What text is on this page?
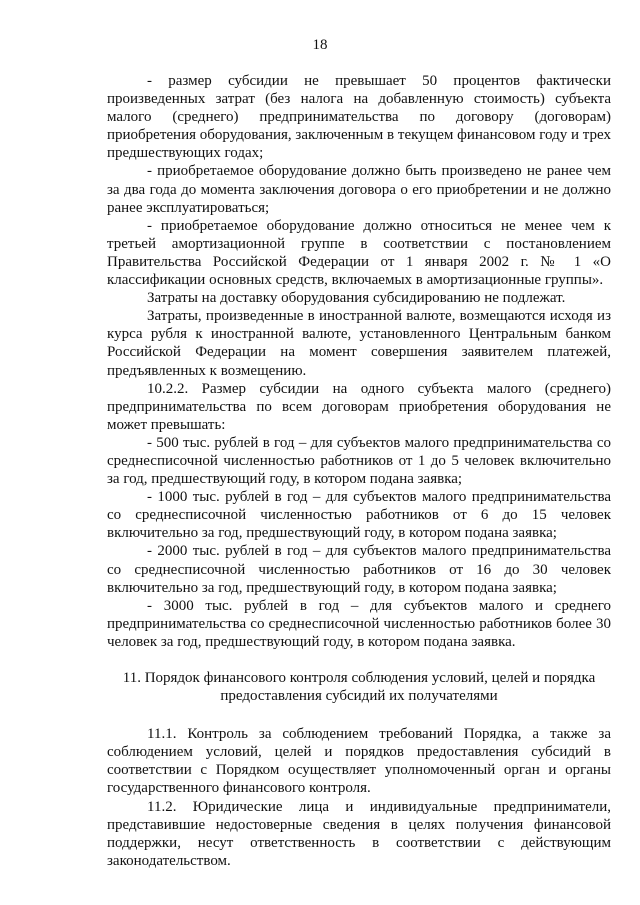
18

- размер субсидии не превышает 50 процентов фактически произведенных затрат (без налога на добавленную стоимость) субъекта малого (среднего) предпринимательства по договору (договорам) приобретения оборудования, заключенным в текущем финансовом году и трех предшествующих годах;

- приобретаемое оборудование должно быть произведено не ранее чем за два года до момента заключения договора о его приобретении и не должно ранее эксплуатироваться;

- приобретаемое оборудование должно относиться не менее чем к третьей амортизационной группе в соответствии с постановлением Правительства Российской Федерации от 1 января 2002 г. № 1 «О классификации основных средств, включаемых в амортизационные группы».

Затраты на доставку оборудования субсидированию не подлежат.

Затраты, произведенные в иностранной валюте, возмещаются исходя из курса рубля к иностранной валюте, установленного Центральным банком Российской Федерации на момент совершения заявителем платежей, предъявленных к возмещению.

10.2.2. Размер субсидии на одного субъекта малого (среднего) предпринимательства по всем договорам приобретения оборудования не может превышать:

- 500 тыс. рублей в год – для субъектов малого предпринимательства со среднесписочной численностью работников от 1 до 5 человек включительно за год, предшествующий году, в котором подана заявка;

- 1000 тыс. рублей в год – для субъектов малого предпринимательства со среднесписочной численностью работников от 6 до 15 человек включительно за год, предшествующий году, в котором подана заявка;

- 2000 тыс. рублей в год – для субъектов малого предпринимательства со среднесписочной численностью работников от 16 до 30 человек включительно за год, предшествующий году, в котором подана заявка;

- 3000 тыс. рублей в год – для субъектов малого и среднего предпринимательства со среднесписочной численностью работников более 30 человек за год, предшествующий году, в котором подана заявка.

11. Порядок финансового контроля соблюдения условий, целей и порядка предоставления субсидий их получателями

11.1. Контроль за соблюдением требований Порядка, а также за соблюдением условий, целей и порядков предоставления субсидий в соответствии с Порядком осуществляет уполномоченный орган и органы государственного финансового контроля.

11.2. Юридические лица и индивидуальные предприниматели, представившие недостоверные сведения в целях получения финансовой поддержки, несут ответственность в соответствии с действующим законодательством.
